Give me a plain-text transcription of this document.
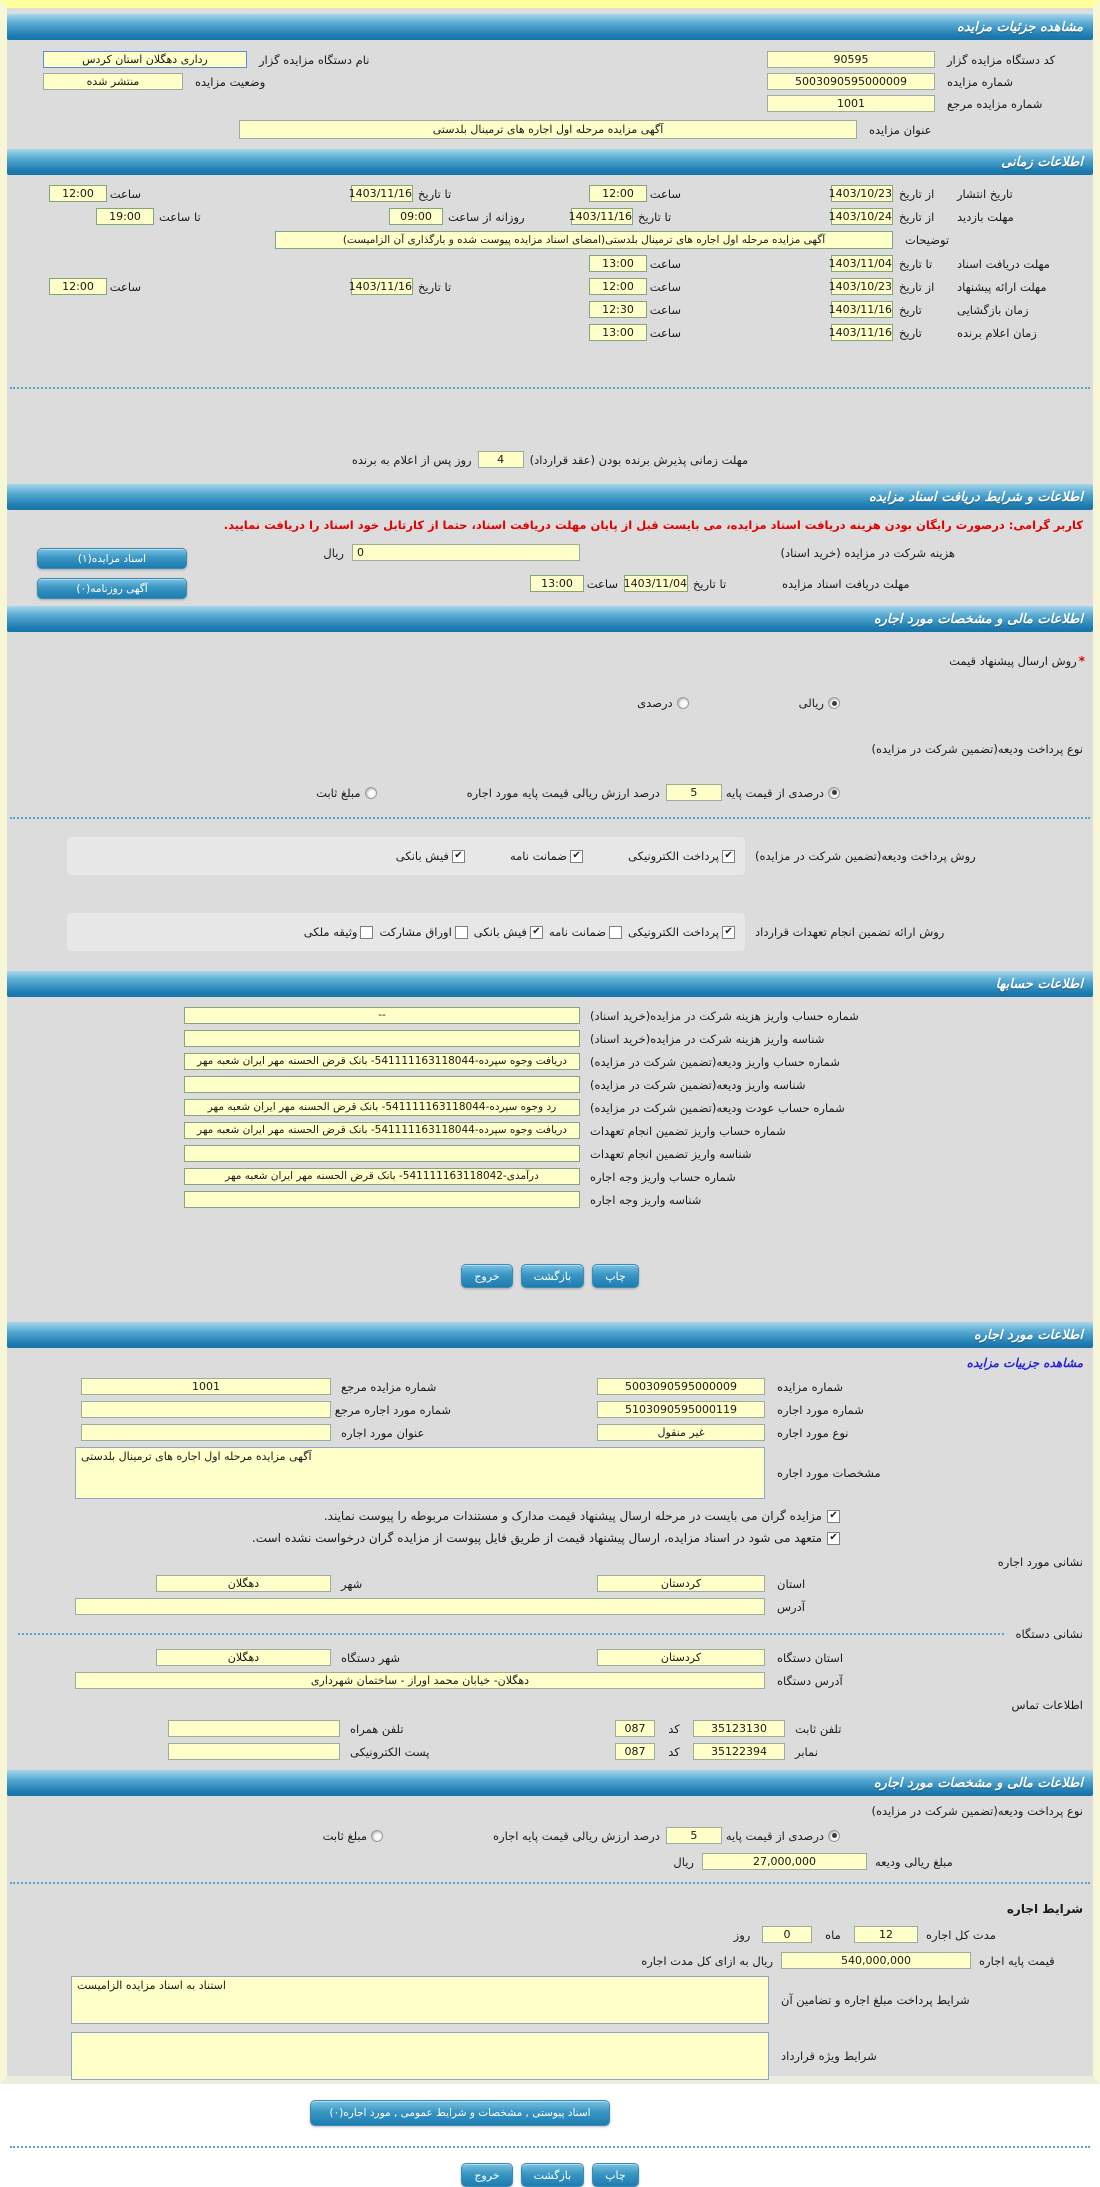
مشاهده جزئیات مزایده
کد دستگاه مزایده گزار
90595
نام دستگاه مزایده گزار
رداری دهگلان استان کردس
شماره مزایده
5003090595000009
وضعیت مزایده
منتشر شده
شماره مزایده مرجع
1001
عنوان مزایده
آگهی مزایده مرحله اول اجاره های ترمینال بلدستی
اطلاعات زمانی
تاریخ انتشار
از تاریخ
1403/10/23
ساعت
12:00
تا تاریخ
1403/11/16
ساعت
12:00
مهلت بازدید
از تاریخ
1403/10/24
تا تاریخ
1403/11/16
روزانه از ساعت
09:00
تا ساعت
19:00
توضیحات
آگهی مزایده مرحله اول اجاره های ترمینال بلدستی(امضای اسناد مزایده پیوست شده و بارگذاری آن الزامیست)
مهلت دریافت اسناد
تا تاریخ
1403/11/04
ساعت
13:00
مهلت ارائه پیشنهاد
از تاریخ
1403/10/23
ساعت
12:00
تا تاریخ
1403/11/16
ساعت
12:00
زمان بازگشایی
تاریخ
1403/11/16
ساعت
12:30
زمان اعلام برنده
تاریخ
1403/11/16
ساعت
13:00
مهلت زمانی پذیرش برنده بودن (عقد قرارداد)
4
روز پس از اعلام به برنده
اطلاعات و شرایط دریافت اسناد مزایده
کاربر گرامی: درصورت رایگان بودن هزینه دریافت اسناد مزایده، می بایست قبل از پایان مهلت دریافت اسناد، حتما از کارتابل خود اسناد را دریافت نمایید.
هزینه شرکت در مزایده (خرید اسناد)
0
ریال
مهلت دریافت اسناد مزایده
تا تاریخ
1403/11/04
ساعت
13:00
اسناد مزایده(۱)
آگهی روزنامه(۰)
اطلاعات مالی و مشخصات مورد اجاره
*
روش ارسال پیشنهاد قیمت
ریالی
درصدی
نوع پرداخت ودیعه(تضمین شرکت در مزایده)
درصدی از قیمت پایه
5
درصد ارزش ریالی قیمت پایه مورد اجاره
مبلغ ثابت
روش پرداخت ودیعه(تضمین شرکت در مزایده)
✔
پرداخت الکترونیکی
✔
ضمانت نامه
✔
فیش بانکی
روش ارائه تضمین انجام تعهدات قرارداد
✔
پرداخت الکترونیکی
ضمانت نامه
✔
فیش بانکی
اوراق مشارکت
وثیقه ملکی
اطلاعات حسابها
شماره حساب واریز هزینه شرکت در مزایده(خرید اسناد)
--
شناسه واریز هزینه شرکت در مزایده(خرید اسناد)
شماره حساب واریز ودیعه(تضمین شرکت در مزایده)
دریافت وجوه سپرده-541111163118044- بانک قرض الحسنه مهر ایران شعبه مهر
شناسه واریز ودیعه(تضمین شرکت در مزایده)
شماره حساب عودت ودیعه(تضمین شرکت در مزایده)
رد وجوه سپرده-541111163118044- بانک قرض الحسنه مهر ایران شعبه مهر
شماره حساب واریز تضمین انجام تعهدات
دریافت وجوه سپرده-541111163118044- بانک قرض الحسنه مهر ایران شعبه مهر
شناسه واریز تضمین انجام تعهدات
شماره حساب واریز وجه اجاره
درآمدی-541111163118042- بانک قرض الحسنه مهر ایران شعبه مهر
شناسه واریز وجه اجاره
چاپ
بازگشت
خروج
اطلاعات مورد اجاره
مشاهده جزییات مزایده
شماره مزایده
5003090595000009
شماره مزایده مرجع
1001
شماره مورد اجاره
5103090595000119
شماره مورد اجاره مرجع
نوع مورد اجاره
غیر منقول
عنوان مورد اجاره
مشخصات مورد اجاره
آگهی مزایده مرحله اول اجاره های ترمینال بلدستی
✔
مزایده گران می بایست در مرحله ارسال پیشنهاد قیمت مدارک و مستندات مربوطه را پیوست نمایند.
✔
متعهد می شود در اسناد مزایده، ارسال پیشنهاد قیمت از طریق فایل پیوست از مزایده گران درخواست نشده است.
نشانی مورد اجاره
استان
کردستان
شهر
دهگلان
آدرس
نشانی دستگاه
استان دستگاه
کردستان
شهر دستگاه
دهگلان
آدرس دستگاه
دهگلان- خیابان محمد اوراز - ساختمان شهرداری
اطلاعات تماس
تلفن ثابت
35123130
کد
087
تلفن همراه
نمابر
35122394
کد
087
پست الکترونیکی
اطلاعات مالی و مشخصات مورد اجاره
نوع پرداخت ودیعه(تضمین شرکت در مزایده)
درصدی از قیمت پایه
5
درصد ارزش ریالی قیمت پایه اجاره
مبلغ ثابت
مبلغ ریالی ودیعه
27,000,000
ریال
شرایط اجاره
مدت کل اجاره
12
ماه
0
روز
قیمت پایه اجاره
540,000,000
ریال به ازای کل مدت اجاره
شرایط پرداخت مبلغ اجاره و تضامین آن
استناد به اسناد مزایده الزامیست
شرایط ویژه قرارداد
اسناد پیوستی , مشخصات و شرایط عمومی , مورد اجاره(۰)
چاپ
بازگشت
خروج
